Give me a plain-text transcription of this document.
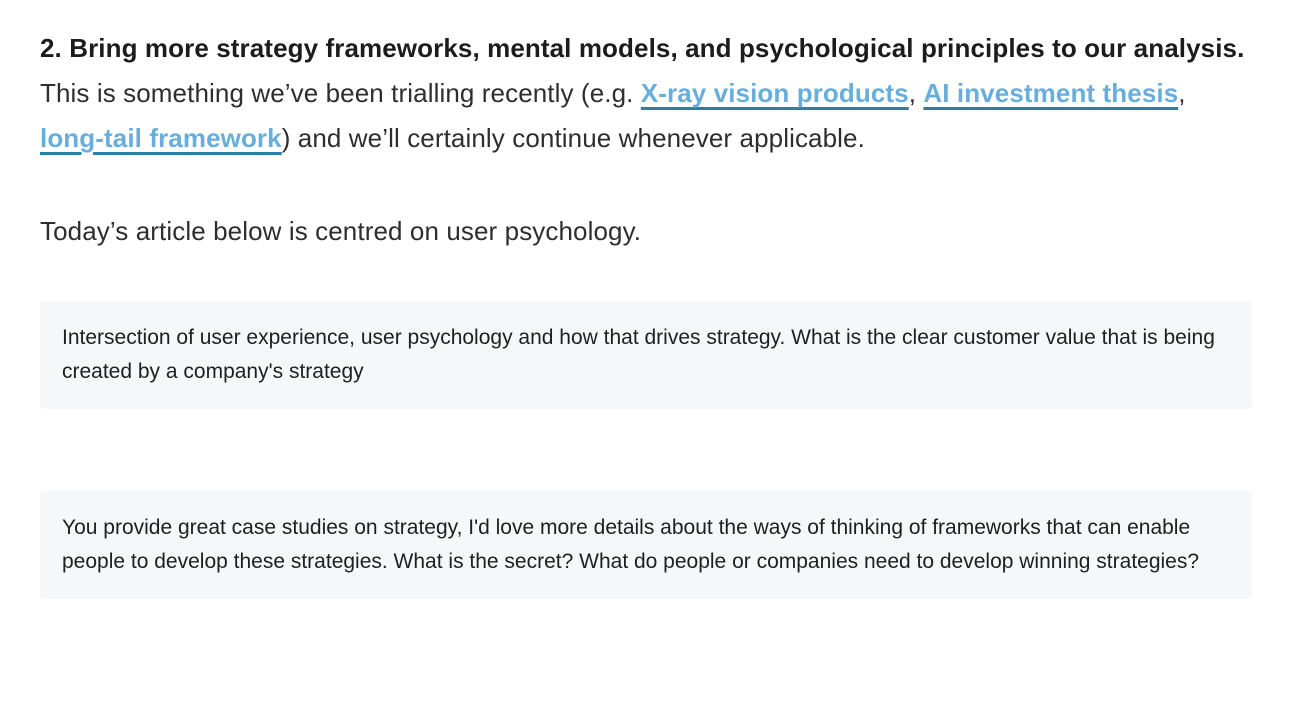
2. Bring more strategy frameworks, mental models, and psychological principles to our analysis. This is something we’ve been trialling recently (e.g. X-ray vision products, AI investment thesis, long-tail framework) and we’ll certainly continue whenever applicable.

Today’s article below is centred on user psychology.

Intersection of user experience, user psychology and how that drives strategy. What is the clear customer value that is being created by a company's strategy
You provide great case studies on strategy, I'd love more details about the ways of thinking of frameworks that can enable people to develop these strategies. What is the secret? What do people or companies need to develop winning strategies?
